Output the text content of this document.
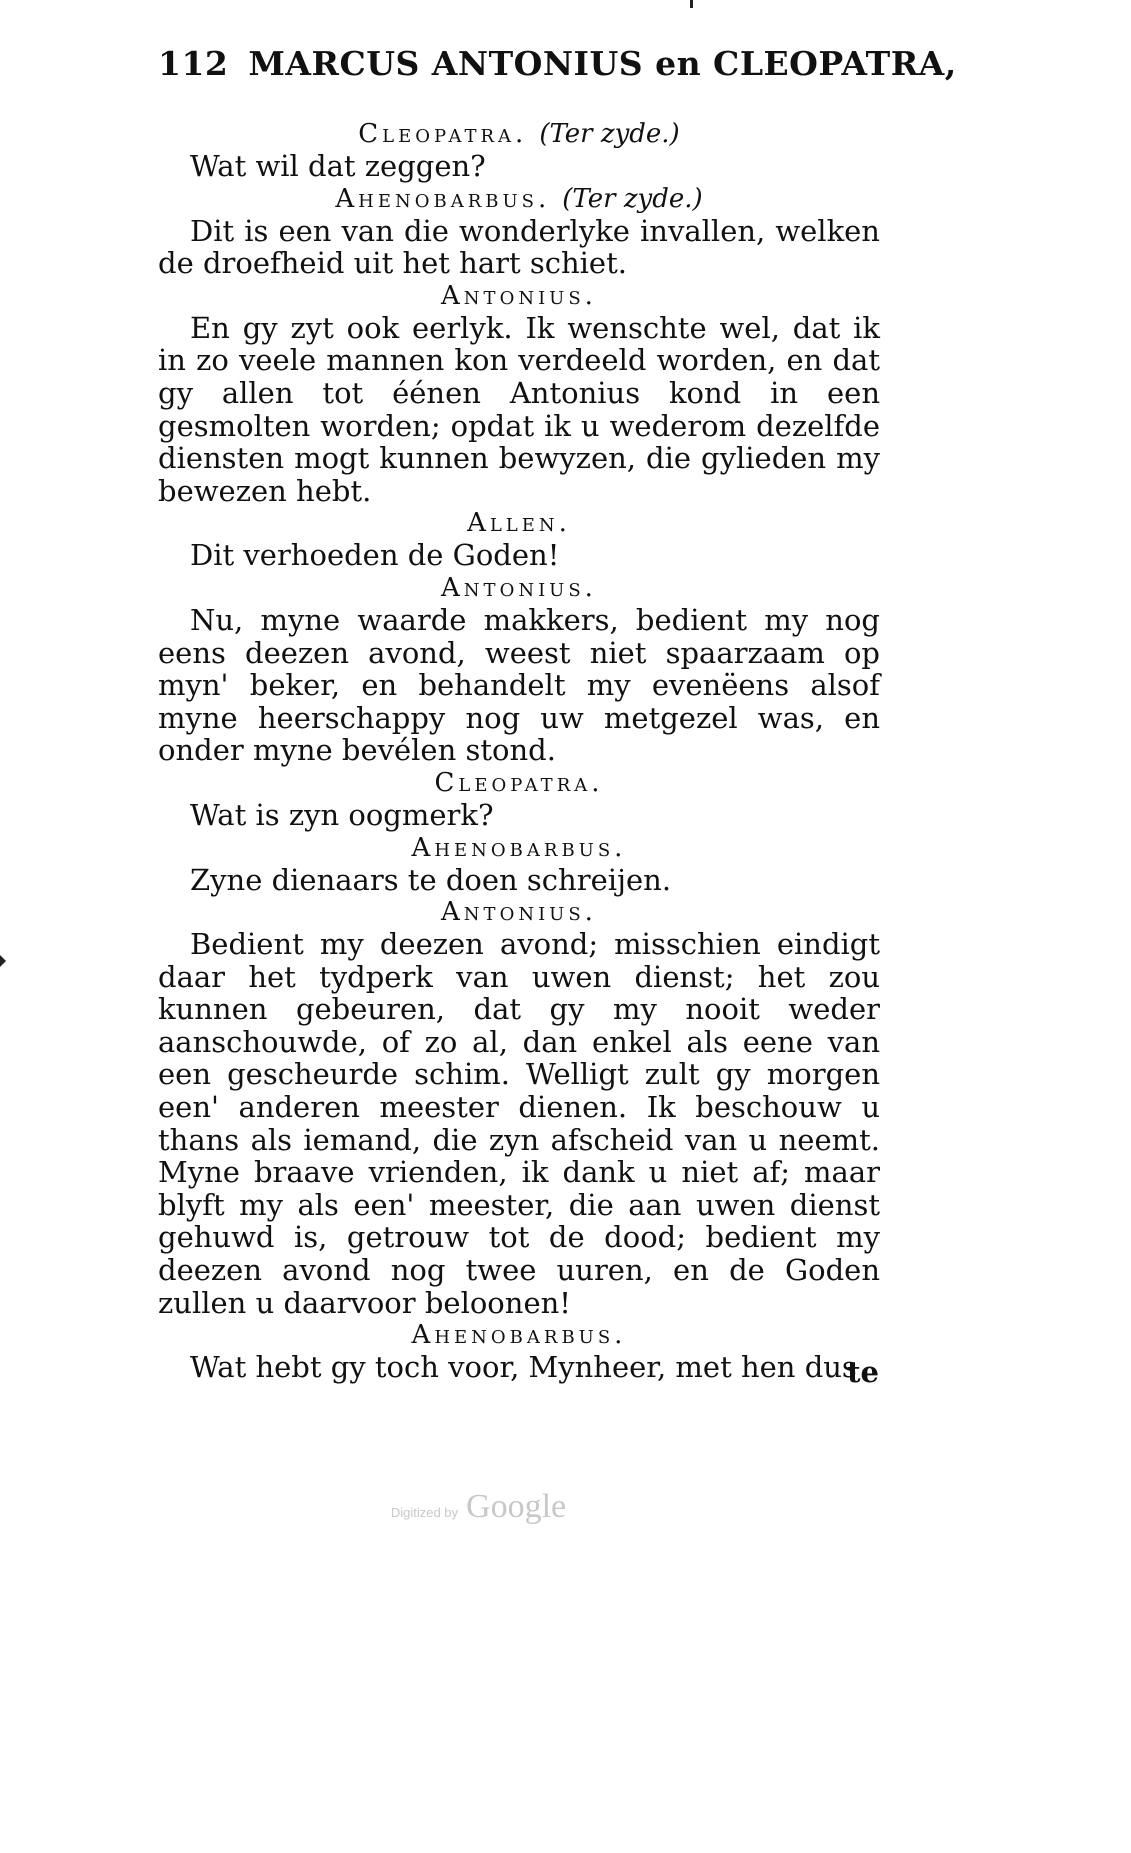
112 MARCUS ANTONIUS en CLEOPATRA,
Cleopatra. (Ter zyde.)

Wat wil dat zeggen?

Ahenobarbus. (Ter zyde.)

Dit is een van die wonderlyke invallen, welken de droefheid uit het hart schiet.

Antonius.

En gy zyt ook eerlyk. Ik wenschte wel, dat ik in zo veele mannen kon verdeeld worden, en dat gy allen tot éénen Antonius kond in een gesmolten worden; opdat ik u wederom dezelfde diensten mogt kunnen bewyzen, die gylieden my bewezen hebt.

Allen.

Dit verhoeden de Goden!

Antonius.

Nu, myne waarde makkers, bedient my nog eens deezen avond, weest niet spaarzaam op myn' beker, en behandelt my evenëens alsof myne heerschappy nog uw metgezel was, en onder myne bevélen stond.

Cleopatra.

Wat is zyn oogmerk?

Ahenobarbus.

Zyne dienaars te doen schreijen.

Antonius.

Bedient my deezen avond; misschien eindigt daar het tydperk van uwen dienst; het zou kunnen gebeuren, dat gy my nooit weder aanschouwde, of zo al, dan enkel als eene van een gescheurde schim. Welligt zult gy morgen een' anderen meester dienen. Ik beschouw u thans als iemand, die zyn afscheid van u neemt. Myne braave vrienden, ik dank u niet af; maar blyft my als een' meester, die aan uwen dienst gehuwd is, getrouw tot de dood; bedient my deezen avond nog twee uuren, en de Goden zullen u daarvoor beloonen!

Ahenobarbus.

Wat hebt gy toch voor, Mynheer, met hen dus

te
Digitized by Google
